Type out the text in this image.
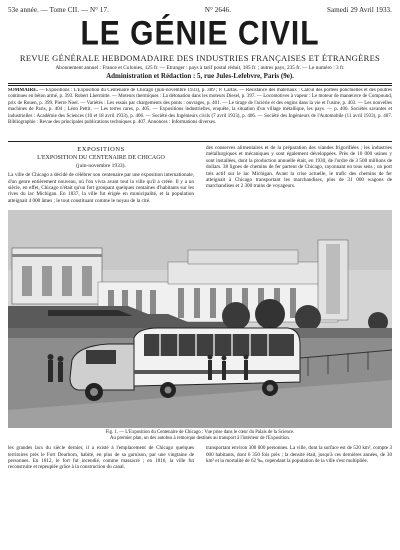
53e année. — Tome CII. — N° 17.	N° 2646.	Samedi 29 Avril 1933.
LE GÉNIE CIVIL
REVUE GÉNÉRALE HEBDOMADAIRE DES INDUSTRIES FRANÇAISES ET ÉTRANGÈRES
Abonnement annuel : France et Colonies, 125 fr. — Étranger : pays à tarif postal réduit, 185 fr. ; autres pays, 235 fr. — Le numéro : 3 fr.
Administration et Rédaction : 5, rue Jules-Lefebvre, Paris (9e).
SOMMAIRE. — Expositions : L'Exposition du Centenaire de Chicago (juin-novembre 1933), p. 389 ; P. Calfas. — Résistance des matériaux : Calcul des portées ponctuelles et des poutres continues en béton armé, p. 393. Robert Lhermitte. — Moteurs thermiques : La détonation dans les moteurs Diesel, p. 397. — Locomotives à vapeur : Le moteur de manœuvre de Compound, prix de Rouen, p. 399. Pierre Noel. — Variétés : Les essais par chargements des ponts : ouvrages, p. 401. — Le tirage de l'aciérie et des engins dans la vie et l'usine, p. 403. — Les nouvelles machines de Paris, p. 404 ; Léon Pettit. — Les terres rares, p. 405. — Expositions industrielles, enquête, la situation d'un village métallique, les pays. — p. 406. Sociétés savantes et industrielles : Académie des Sciences (10 et 18 avril 1933), p. 406. — Société des Ingénieurs civils (7 avril 1933), p. 406. — Société des Ingénieurs de l'Automobile (11 avril 1933), p. 407. Bibliographie : Revue des principales publications techniques p. 407. Annonces : Informations diverses.
EXPOSITIONS
L'EXPOSITION DU CENTENAIRE DE CHICAGO
(juin-novembre 1933).
La ville de Chicago a décidé de célébrer son centenaire par une exposition internationale, d'un genre entièrement nouveau, où l'on vivra avant tout la ville qu'il a créée. Il y a un siècle, en effet, Chicago n'était qu'un fort groupant quelques centaines d'habitants sur les rives du lac Michigan. En 1837, la ville fut érigée en municipalité, et la population atteignait 4 000 âmes ; le tout constituant comme le noyau de la cité.
des conserves alimentaires et de la préparation des viandes frigorifiées ; les industries métallurgiques et mécaniques y sont également développées. Près de 10 000 usines y sont installées, dont la production annuelle était, en 1930, de l'ordre de 3 500 millions de dollars. 38 lignes de chemins de fer partent de Chicago, rayonnant en tous sens ; un port très actif sur le lac Michigan. Avant la crise actuelle, le trafic des chemins de fer atteignait à Chicago transportant les marchandises, plus de 31 000 wagons de marchandises et 2 300 trains de voyageurs.
Fig. 1. — L'Exposition du Centenaire de Chicago : Vue prise dans le cœur du Palais de la Science.
Au premier plan, un des autobus à remorque destinés au transport à l'intérieur de l'Exposition.
les grandes lacs du siècle dernier, il a existé à l'emplacement de Chicago quelques territoires près le Fort Dearborn, habité, en plus de sa garnison, par une vingtaine de personnes. En 1812, le fort fut incendié, comme massacré ; en 1816, la ville fut reconstruite et repeuplée grâce à la construction du canal.
transportant environ 300 000 personnes. La ville, dont la surface est de 520 km², compte 3 000 habitants, dont 6 350 fois près ; la densité était, jusqu'à ces dernières années, de 30 km² et la mortalité de 62 ‰, cependant la population de la ville s'est multipliée.
